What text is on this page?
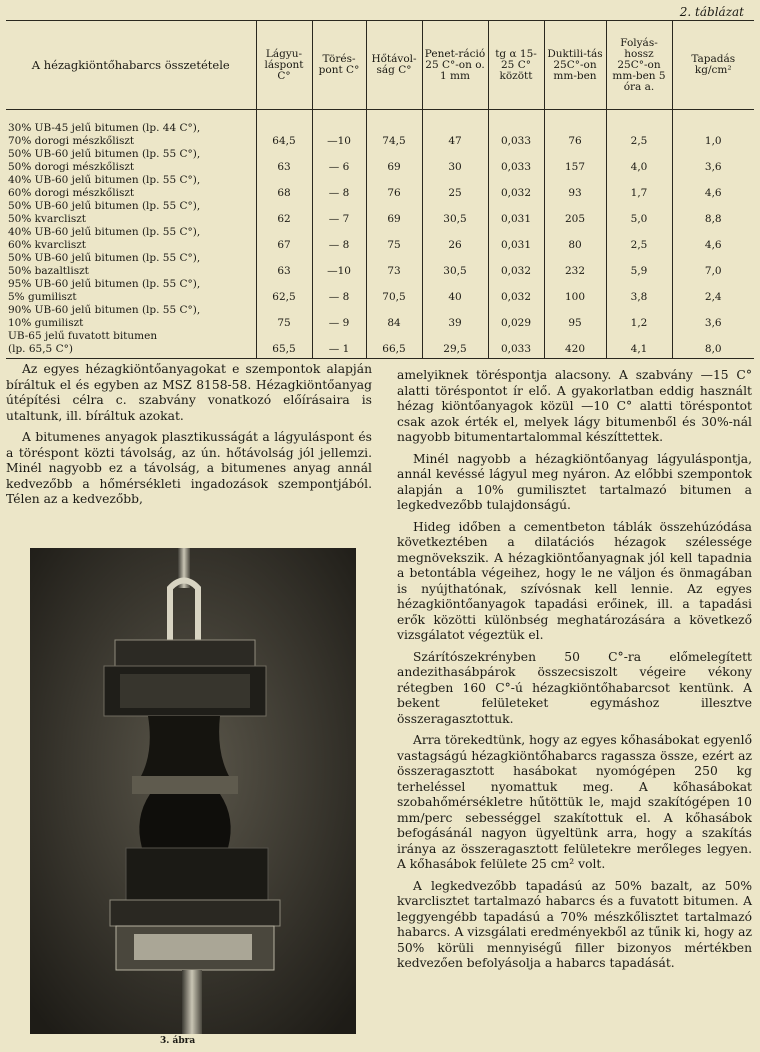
2. táblázat
A hézagkiöntőhabarcs összetétele	Lágyu-láspont C°	Törés-pont C°	Hőtávol-ság C°	Penet-ráció 25 C°-on o. 1 mm	tg α 15-25 C° között	Duktili-tás 25C°-on mm-ben	Folyás-hossz 25C°-on mm-ben 5 óra a.	Tapadás kg/cm²

30% UB-45 jelű bitumen (lp. 44 C°),
70% dorogi mészkőliszt	64,5	—10	74,5	47	0,033	76	2,5	1,0

50% UB-60 jelű bitumen (lp. 55 C°),
50% dorogi mészkőliszt	63	— 6	69	30	0,033	157	4,0	3,6

40% UB-60 jelű bitumen (lp. 55 C°),
60% dorogi mészkőliszt	68	— 8	76	25	0,032	93	1,7	4,6

50% UB-60 jelű bitumen (lp. 55 C°),
50% kvarcliszt	62	— 7	69	30,5	0,031	205	5,0	8,8

40% UB-60 jelű bitumen (lp. 55 C°),
60% kvarcliszt	67	— 8	75	26	0,031	80	2,5	4,6

50% UB-60 jelű bitumen (lp. 55 C°),
50% bazaltliszt	63	—10	73	30,5	0,032	232	5,9	7,0

95% UB-60 jelű bitumen (lp. 55 C°),
5% gumiliszt	62,5	— 8	70,5	40	0,032	100	3,8	2,4

90% UB-60 jelű bitumen (lp. 55 C°),
10% gumiliszt	75	— 9	84	39	0,029	95	1,2	3,6

UB-65 jelű fuvatott bitumen
(lp. 65,5 C°)	65,5	— 1	66,5	29,5	0,033	420	4,1	8,0

Az egyes hézagkiöntőanyagokat e szempontok alapján bíráltuk el és egyben az MSZ 8158-58. Hézagkiöntőanyag útépítési célra c. szabvány vonatkozó előírásaira is utaltunk, ill. bíráltuk azokat.

A bitumenes anyagok plasztikusságát a lágyuláspont és a töréspont közti távolság, az ún. hőtávolság jól jellemzi. Minél nagyobb ez a távolság, a bitumenes anyag annál kedvezőbb a hőmérsékleti ingadozások szempontjából. Télen az a kedvezőbb,

3. ábra

amelyiknek töréspontja alacsony. A szabvány —15 C° alatti töréspontot ír elő. A gyakorlatban eddig használt hézag kiöntőanyagok közül —10 C° alatti töréspontot csak azok érték el, melyek lágy bitumenből és 30%-nál nagyobb bitumentartalommal készíttettek.

Minél nagyobb a hézagkiöntőanyag lágyuláspontja, annál kevéssé lágyul meg nyáron. Az előbbi szempontok alapján a 10% gumilisztet tartalmazó bitumen a legkedvezőbb tulajdonságú.

Hideg időben a cementbeton táblák összehúzódása következtében a dilatációs hézagok szélessége megnövekszik. A hézagkiöntőanyagnak jól kell tapadnia a betontábla végeihez, hogy le ne váljon és önmagában is nyújthatónak, szívósnak kell lennie. Az egyes hézagkiöntőanyagok tapadási erőinek, ill. a tapadási erők közötti különbség meghatározására a következő vizsgálatot végeztük el.

Szárítószekrényben 50 C°-ra előmelegített andezithasábpárok összecsiszolt végeire vékony rétegben 160 C°-ú hézagkiöntőhabarcsot kentünk. A bekent felületeket egymáshoz illesztve összeragasztottuk.

Arra törekedtünk, hogy az egyes kőhasábokat egyenlő vastagságú hézagkiöntőhabarcs ragassza össze, ezért az összeragasztott hasábokat nyomógépen 250 kg terheléssel nyomattuk meg. A kőhasábokat szobahőmérsékletre hűtöttük le, majd szakítógépen 10 mm/perc sebességgel szakítottuk el. A kőhasábok befogásánál nagyon ügyeltünk arra, hogy a szakítás iránya az összeragasztott felületekre merőleges legyen. A kőhasábok felülete 25 cm² volt.

A legkedvezőbb tapadású az 50% bazalt, az 50% kvarclisztet tartalmazó habarcs és a fuvatott bitumen. A leggyengébb tapadású a 70% mészkőlisztet tartalmazó habarcs. A vizsgálati eredményekből az tűnik ki, hogy az 50% körüli mennyiségű filler bizonyos mértékben kedvezően befolyásolja a habarcs tapadását.
